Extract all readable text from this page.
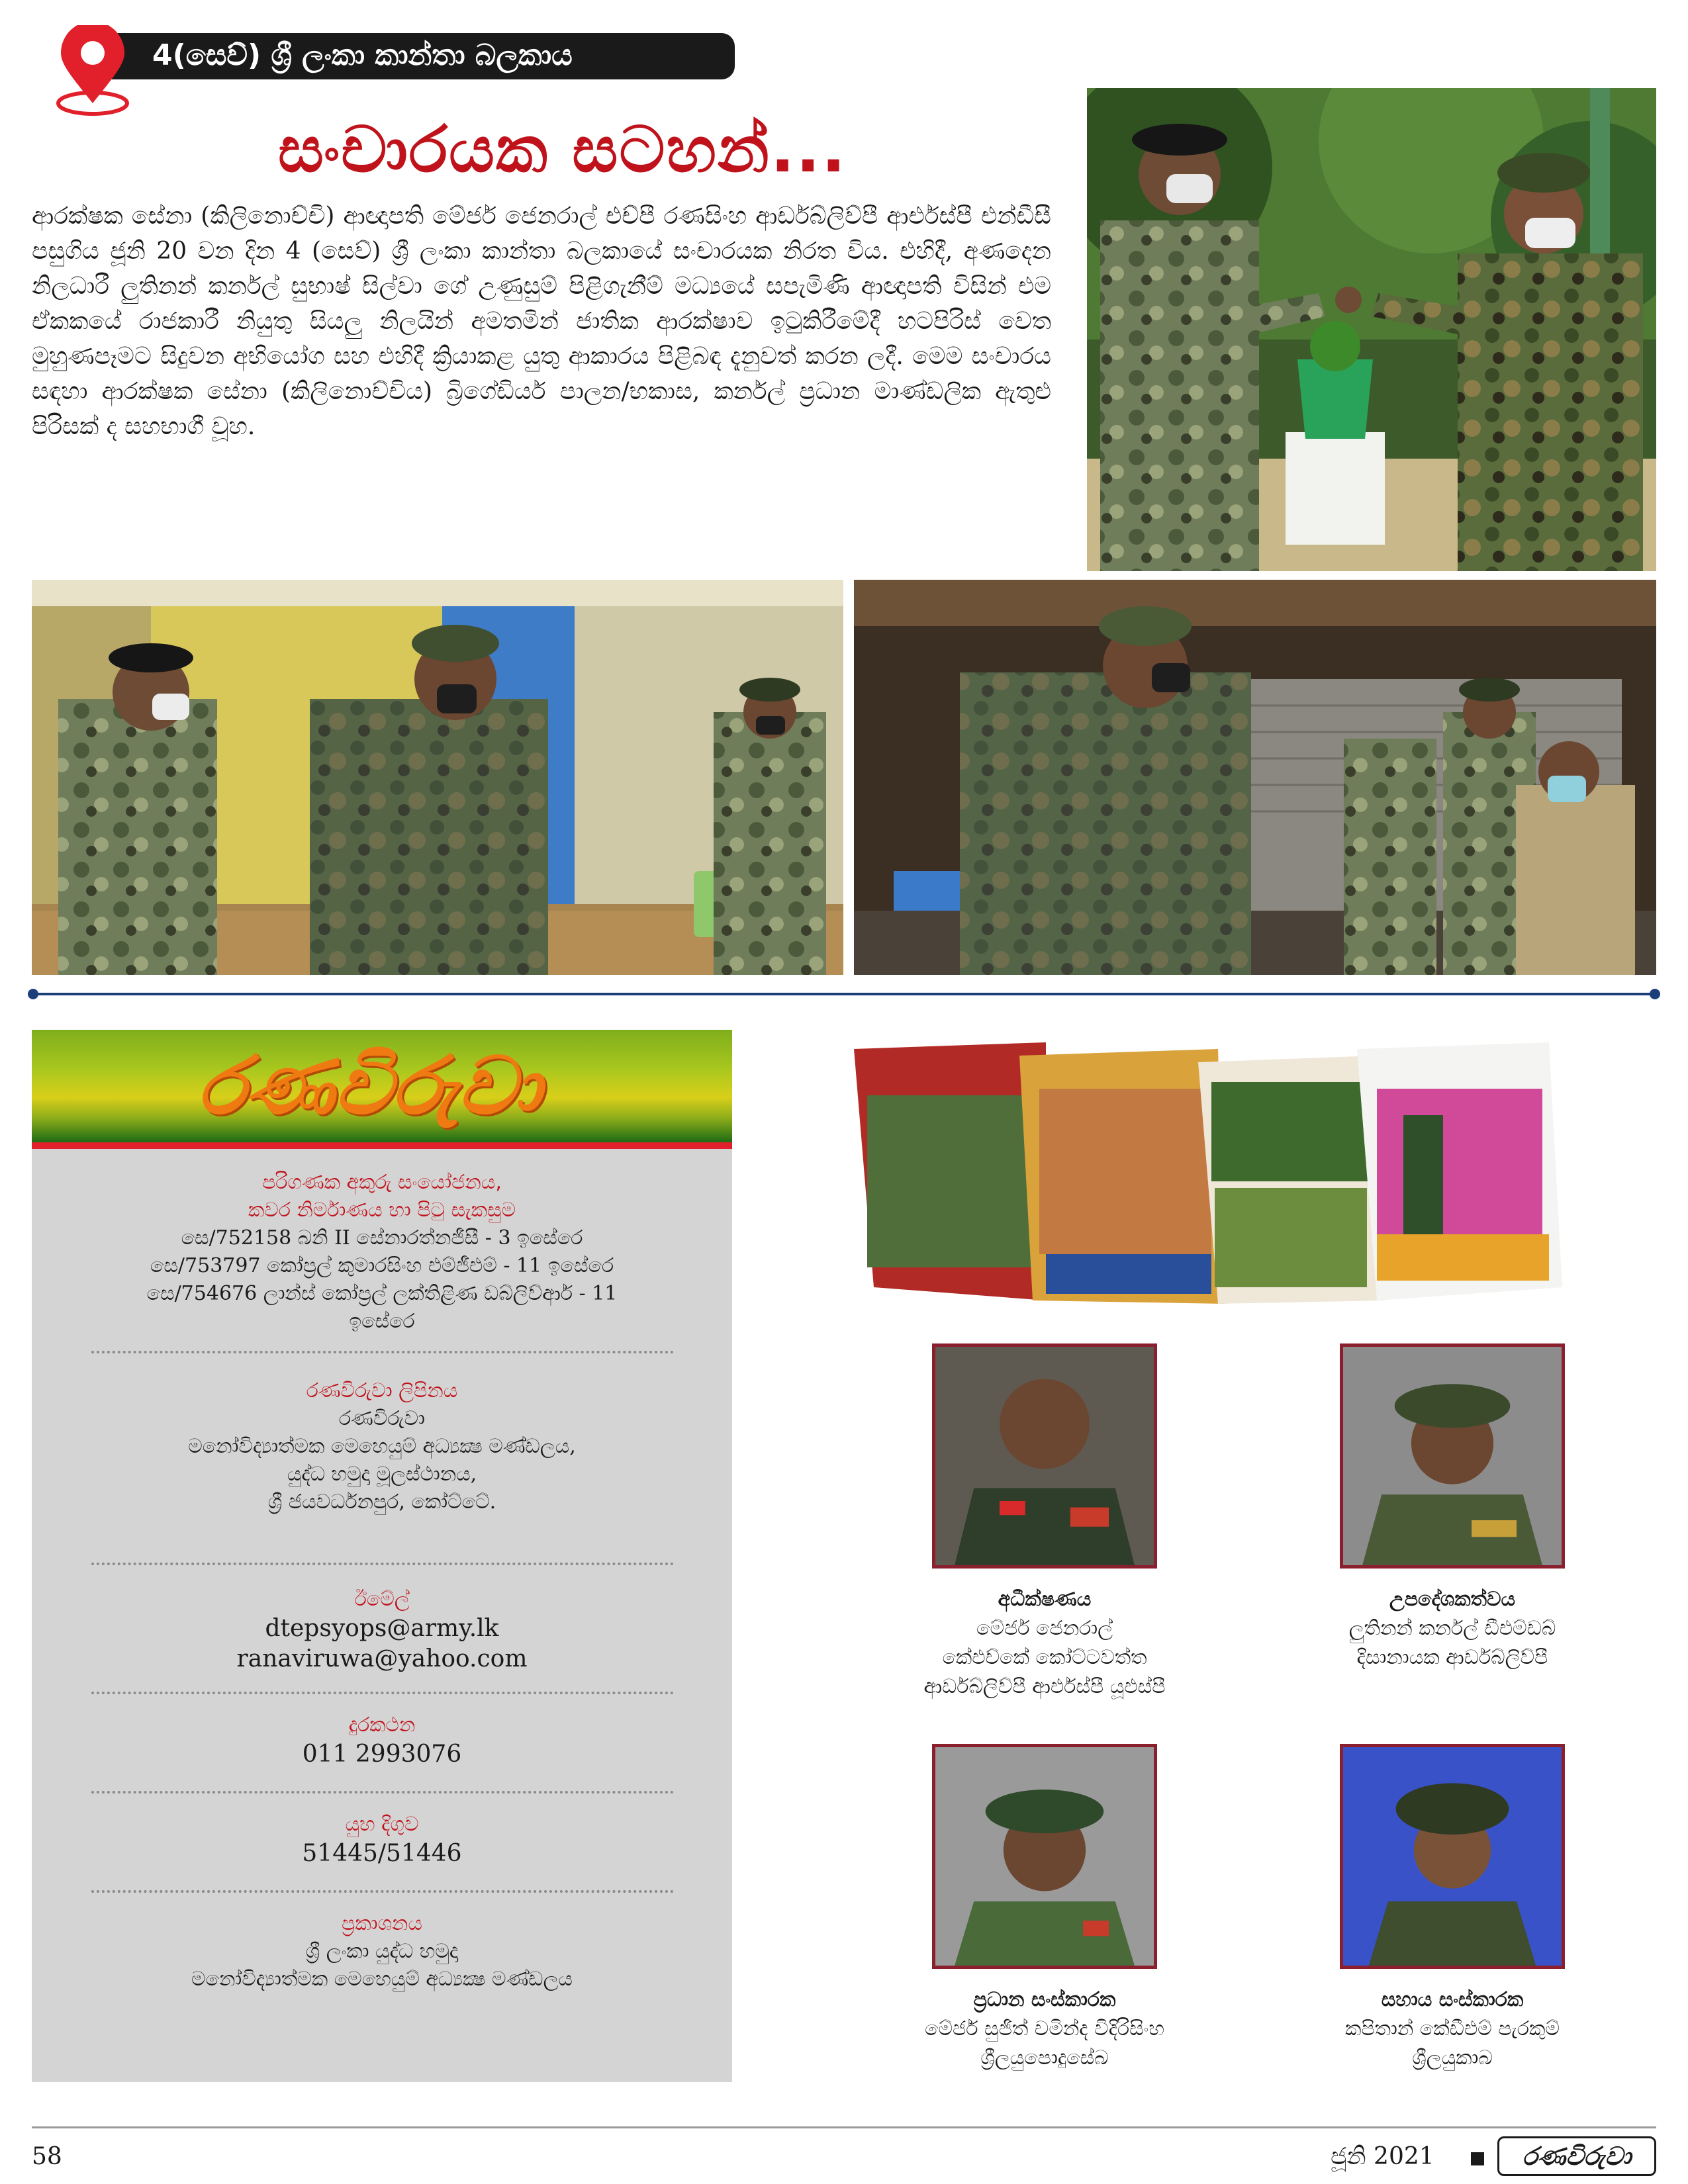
4(සෙව්) ශ්‍රී ලංකා කාන්තා බලකාය
සංචාරයක සටහන්...
ආරක්ෂක සේනා (කිලිනොච්චි) ආඥාපති මේජර් ජෙනරාල් එච්පී රණසිංහ ආර්ඩබ්ලිව්පී ආර්එස්පී එන්ඩීසී පසුගිය ජූනි 20 වන දින 4 (සෙව්) ශ්‍රී ලංකා කාන්තා බලකායේ සංචාරයක නිරත විය. එහිදී, අණදෙන නිලධාරී ලුතිනන් කර්නල් සුභාෂ් සිල්වා ගේ උණුසුම් පිළිගැනීම් මධ්‍යයේ සපැමිණි ආඥාපති විසින් එම ඒකකයේ රාජකාරී නියුතු සියලු නිලයින් අමතමින් ජාතික ආරක්ෂාව ඉටුකිරීමේදී හටපිරිස් වෙත මුහුණපෑමට සිදුවන අභියෝග සහ එහිදී ක්‍රියාකළ යුතු ආකාරය පිළිබඳ දැනුවත් කරන ලදී. මෙම සංචාරය සඳහා ආරක්ෂක සේනා (කිලිනොච්චිය) බ්‍රිගේඩියර් පාලන/භකාස, කර්නල් ප්‍රධාන මාණ්ඩලික ඇතුළු පිරිසක් ද සහභාගී වූහ.
රණවිරුවා
පරිගණක අකුරු සංයෝජනය,
කවර නිර්මාණය හා පිටු සැකසුම
සෙ/752158 බනි II සේනාරත්නජීසී - 3 ඉසේරෙ
සෙ/753797 කෝප්‍රල් කුමාරසිංහ එම්ජීඑම් - 11 ඉසේරෙ
සෙ/754676 ලාන්ස් කෝප්‍රල් ලක්තිළිණ ඩබ්ලිව්ආර් - 11
ඉසේරෙ
රණවිරුවා ලිපිනය
රණවිරුවා
මනෝවිද්‍යාත්මක මෙහෙයුම් අධ්‍යක්‍ෂ මණ්ඩලය,
යුද්ධ හමුදා මූලස්ථානය,
ශ්‍රී ජයවර්ධනපුර, කෝට්ටේ.
ඊමේල්
dtepsyops@army.lk
ranaviruwa@yahoo.com
දුරකථන
011 2993076
යුහ දිගුව
51445/51446
ප්‍රකාශනය
ශ්‍රී ලංකා යුද්ධ හමුදා
මනෝවිද්‍යාත්මක මෙහෙයුම් අධ්‍යක්‍ෂ මණ්ඩලය
අධීක්ෂණය
මේජර් ජෙනරාල්
කේඑච්කේ කෝට්ටවත්ත
ආර්ඩබ්ලිව්පී ආර්එස්පී යූඑස්පී
උපදේශකත්වය
ලුතිනන් කර්නල් ඩීඑම්ඩබ්
දිසානායක ආර්ඩබ්ලිව්පී
ප්‍රධාන සංස්කාරක
මේජර් සුජිත් චමින්ද විදිරිසිංහ
ශ්‍රීලයුපොදුසේබ
සහාය සංස්කාරක
කපිතාන් කේඩීඑම් පැරකුම්
ශ්‍රීලයුකාබ
58	ජූනි 2021	රණවිරුවා
